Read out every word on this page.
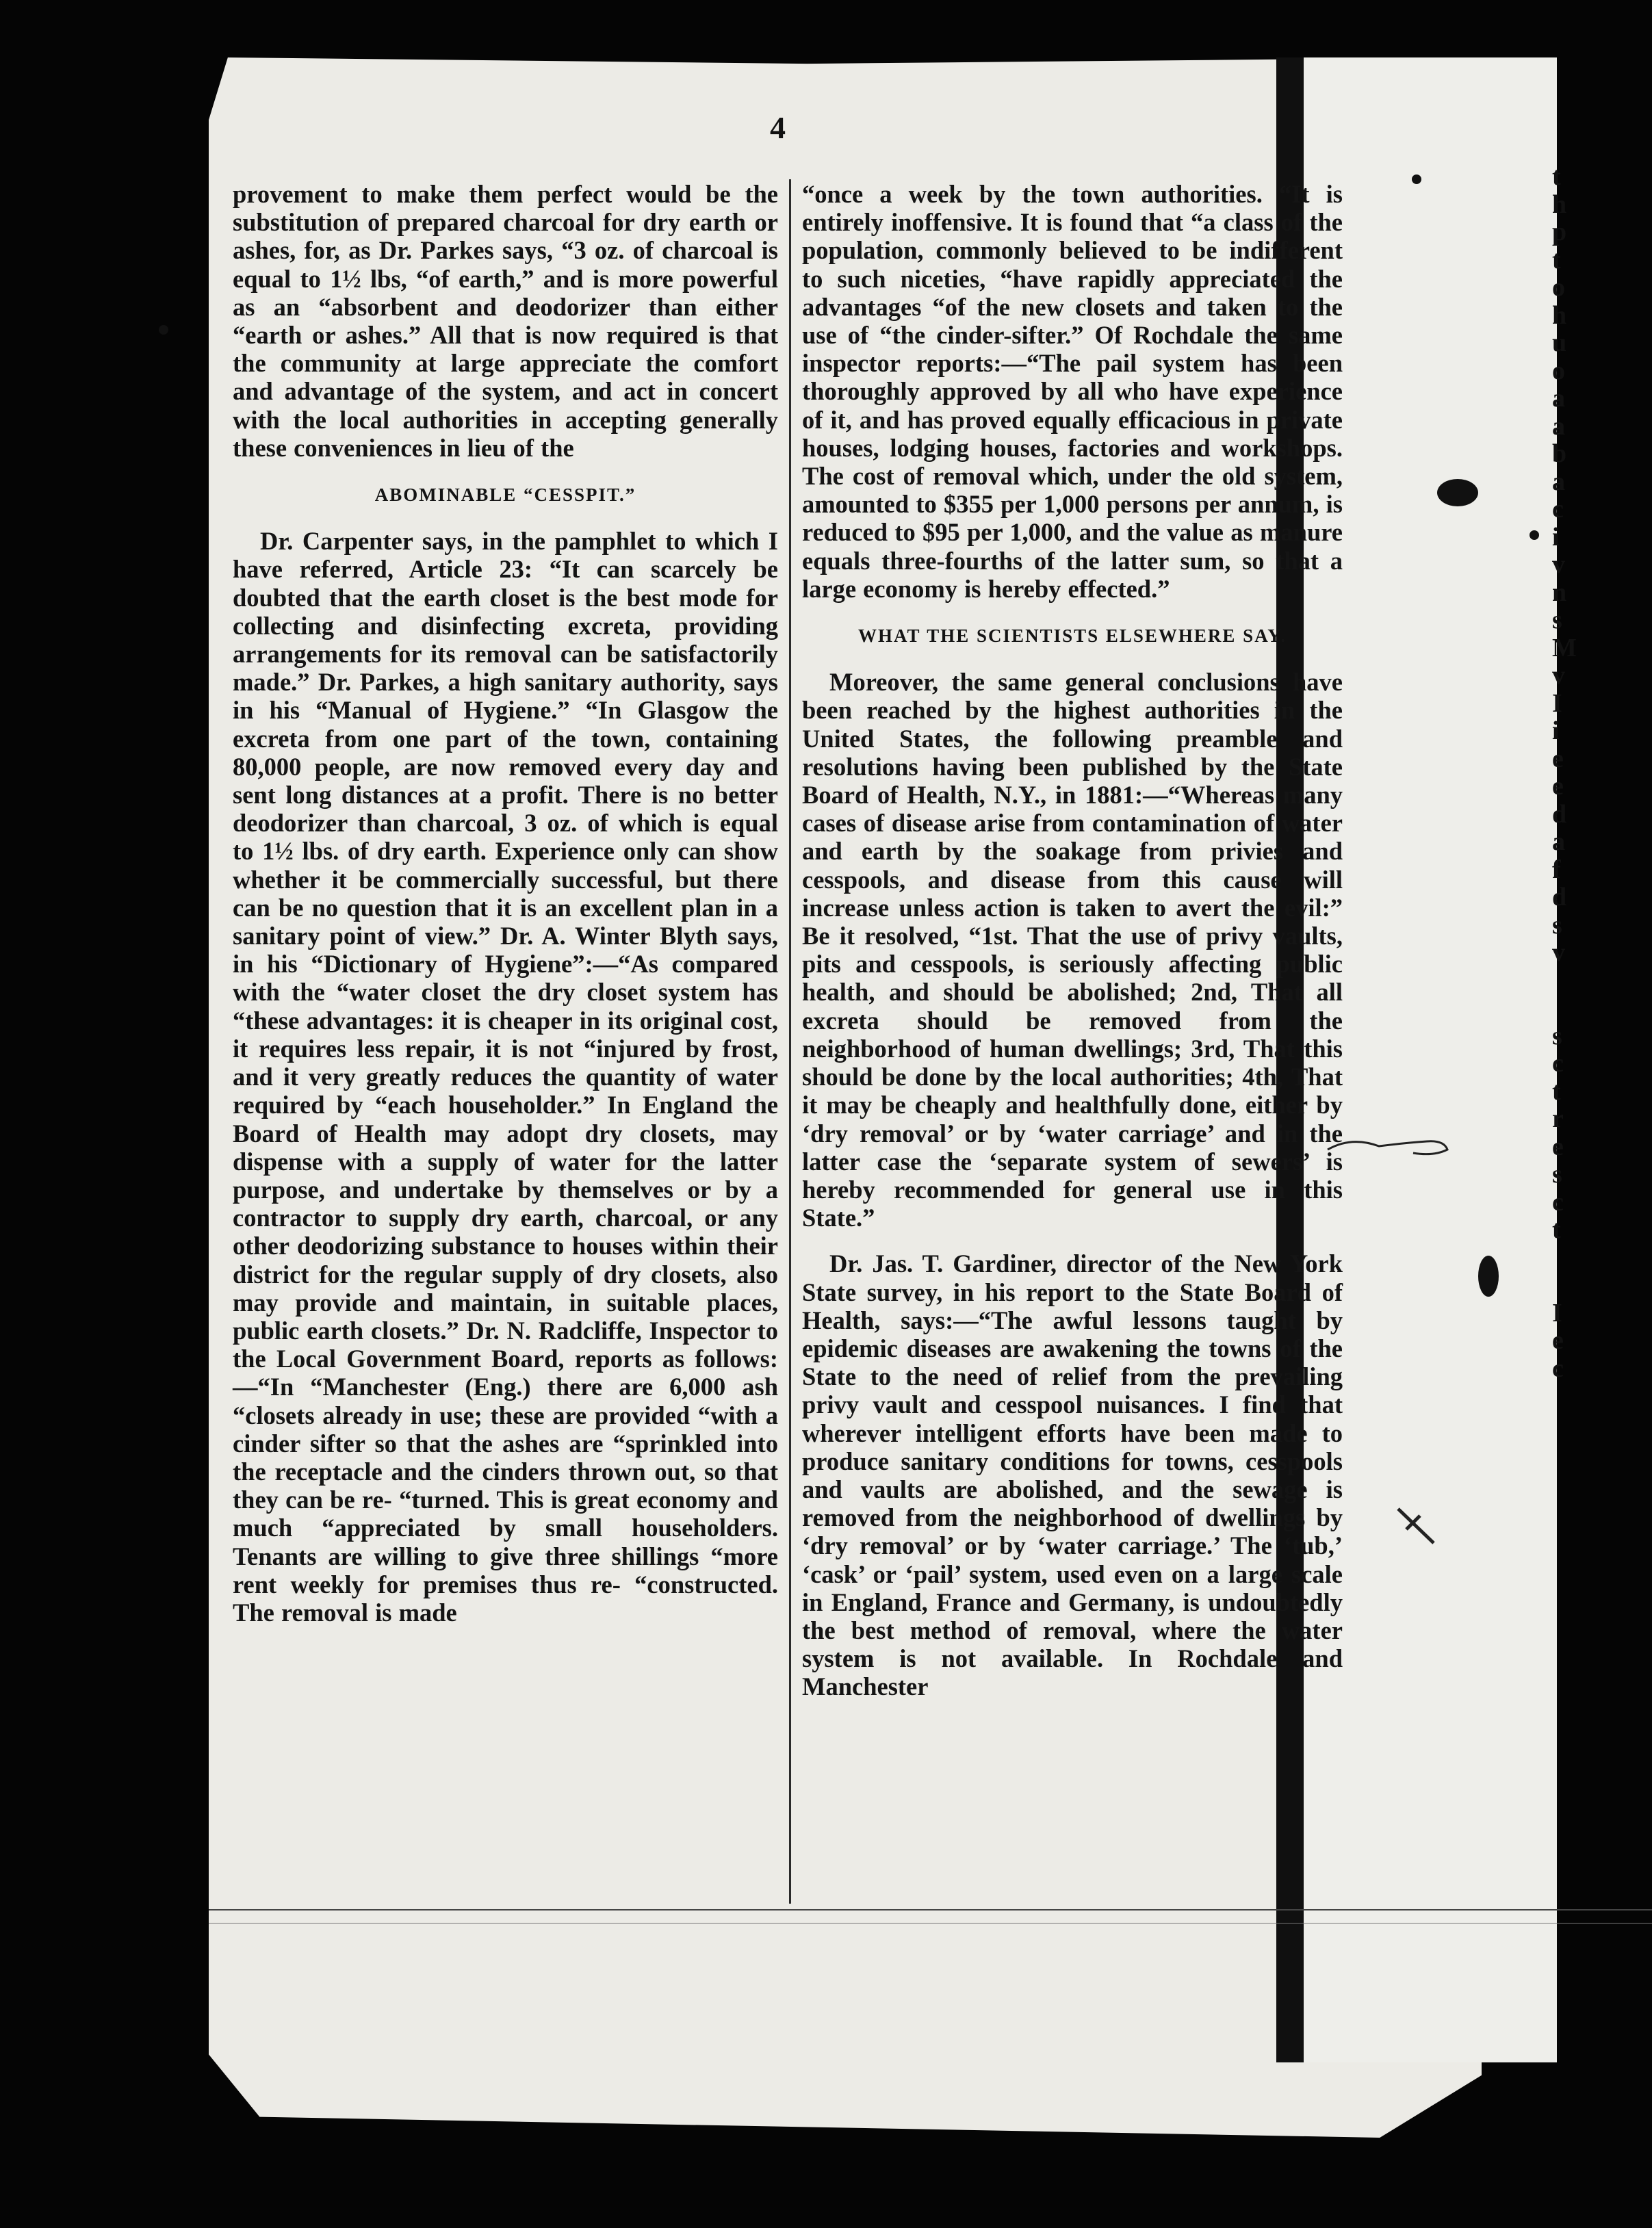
t
h
p
t
o
h
u
o
a
a
b
a
c
i
v
n
s
M
v
I
i
e
e
d
a
f
d
s
v

s
c
t
r
e
s
c
t

I
e
c
4

provement to make them perfect would be the substitution of prepared charcoal for dry earth or ashes, for, as Dr. Parkes says, “3 oz. of charcoal is equal to 1½ lbs, “of earth,” and is more powerful as an “absorbent and deodorizer than either “earth or ashes.” All that is now required is that the community at large appreciate the comfort and advantage of the system, and act in concert with the local authorities in accepting generally these conveniences in lieu of the

ABOMINABLE “CESSPIT.”

Dr. Carpenter says, in the pamphlet to which I have referred, Article 23: “It can scarcely be doubted that the earth closet is the best mode for collecting and disinfecting excreta, providing arrangements for its removal can be satisfactorily made.” Dr. Parkes, a high sanitary authority, says in his “Manual of Hygiene.” “In Glasgow the excreta from one part of the town, containing 80,000 people, are now removed every day and sent long distances at a profit. There is no better deodorizer than charcoal, 3 oz. of which is equal to 1½ lbs. of dry earth. Experience only can show whether it be commercially successful, but there can be no question that it is an excellent plan in a sanitary point of view.” Dr. A. Winter Blyth says, in his “Dictionary of Hygiene”:—“As compared with the “water closet the dry closet system has “these advantages: it is cheaper in its original cost, it requires less repair, it is not “injured by frost, and it very greatly reduces the quantity of water required by “each householder.” In England the Board of Health may adopt dry closets, may dispense with a supply of water for the latter purpose, and undertake by themselves or by a contractor to supply dry earth, charcoal, or any other deodorizing substance to houses within their district for the regular supply of dry closets, also may provide and maintain, in suitable places, public earth closets.” Dr. N. Radcliffe, Inspector to the Local Government Board, reports as follows:—“In “Manchester (Eng.) there are 6,000 ash “closets already in use; these are provided “with a cinder sifter so that the ashes are “sprinkled into the receptacle and the cinders thrown out, so that they can be re- “turned. This is great economy and much “appreciated by small householders. Tenants are willing to give three shillings “more rent weekly for premises thus re- “constructed. The removal is made

“once a week by the town authorities. “It is entirely inoffensive. It is found that “a class of the population, commonly believed to be indifferent to such niceties, “have rapidly appreciated the advantages “of the new closets and taken to the use of “the cinder-sifter.” Of Rochdale the same inspector reports:—“The pail system has been thoroughly approved by all who have experience of it, and has proved equally efficacious in private houses, lodging houses, factories and workshops. The cost of removal which, under the old system, amounted to $355 per 1,000 persons per annum, is reduced to $95 per 1,000, and the value as manure equals three-fourths of the latter sum, so that a large economy is hereby effected.”

WHAT THE SCIENTISTS ELSEWHERE SAY.

Moreover, the same general conclusions have been reached by the highest authorities in the United States, the following preamble and resolutions having been published by the State Board of Health, N.Y., in 1881:—“Whereas many cases of disease arise from contamination of water and earth by the soakage from privies and cesspools, and disease from this cause will increase unless action is taken to avert the evil:” Be it resolved, “1st. That the use of privy vaults, pits and cesspools, is seriously affecting public health, and should be abolished; 2nd, That all excreta should be removed from the neighborhood of human dwellings; 3rd, That this should be done by the local authorities; 4th, That it may be cheaply and healthfully done, either by ‘dry removal’ or by ‘water carriage’ and in the latter case the ‘separate system of sewers’ is hereby recommended for general use in this State.”

Dr. Jas. T. Gardiner, director of the New York State survey, in his report to the State Board of Health, says:—“The awful lessons taught by epidemic diseases are awakening the towns of the State to the need of relief from the prevailing privy vault and cesspool nuisances. I find that wherever intelligent efforts have been made to produce sanitary conditions for towns, cesspools and vaults are abolished, and the sewage is removed from the neighborhood of dwellings by ‘dry removal’ or by ‘water carriage.’ The ‘tub,’ ‘cask’ or ‘pail’ system, used even on a large scale in England, France and Germany, is undoubtedly the best method of removal, where the water system is not available. In Rochdale and Manchester
